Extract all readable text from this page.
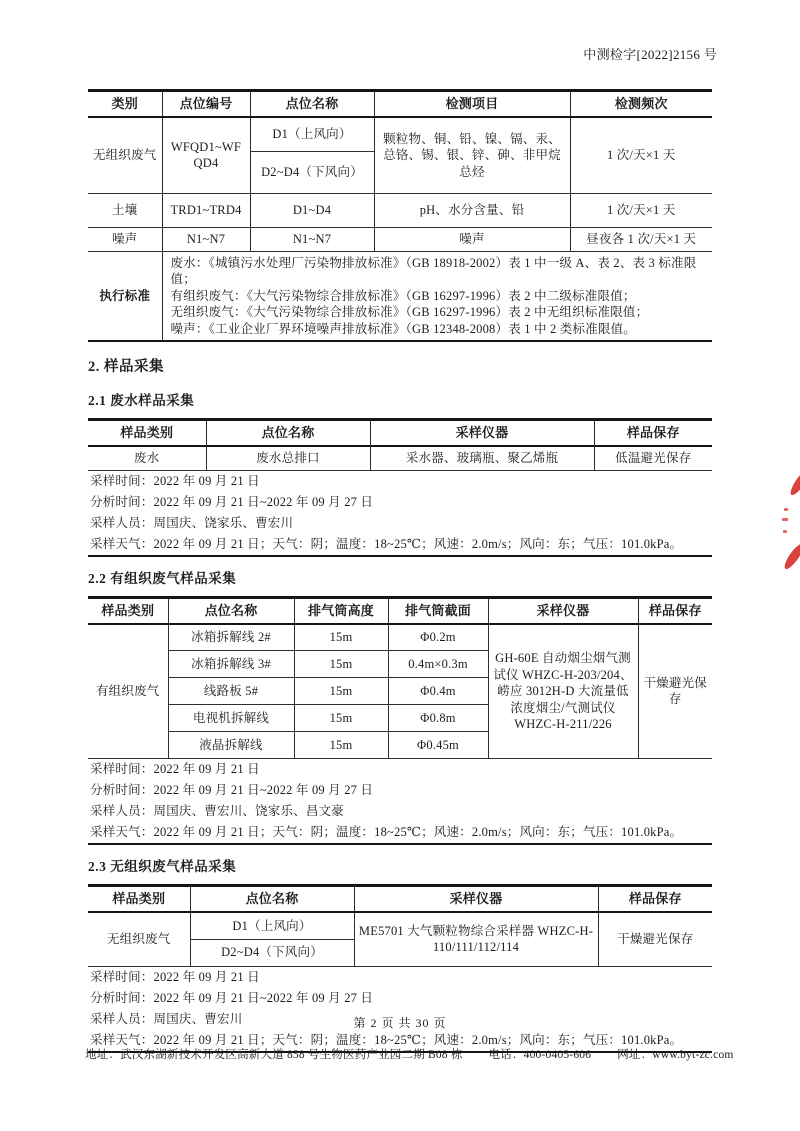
中测检字[2022]2156 号
类别	点位编号	点位名称	检测项目	检测频次
无组织废气	WFQD1~WFQD4	D1（上风向）	颗粒物、铜、铅、镍、镉、汞、总铬、锡、银、锌、砷、非甲烷总烃	1 次/天×1 天
		D2~D4（下风向）		
土壤	TRD1~TRD4	D1~D4	pH、水分含量、铅	1 次/天×1 天
噪声	N1~N7	N1~N7	噪声	昼夜各 1 次/天×1 天
执行标准	废水：《城镇污水处理厂污染物排放标准》（GB 18918-2002）表 1 中一级 A、表 2、表 3 标准限值；
有组织废气：《大气污染物综合排放标准》（GB 16297-1996）表 2 中二级标准限值；
无组织废气：《大气污染物综合排放标准》（GB 16297-1996）表 2 中无组织标准限值；
噪声：《工业企业厂界环境噪声排放标准》（GB 12348-2008）表 1 中 2 类标准限值。			
2. 样品采集
2.1 废水样品采集
样品类别	点位名称	采样仪器	样品保存
废水	废水总排口	采水器、玻璃瓶、聚乙烯瓶	低温避光保存
采样时间：2022 年 09 月 21 日			
分析时间：2022 年 09 月 21 日~2022 年 09 月 27 日			
采样人员：周国庆、饶家乐、曹宏川			
采样天气：2022 年 09 月 21 日；天气：阴；温度：18~25℃；风速：2.0m/s；风向：东；气压：101.0kPa。			
2.2 有组织废气样品采集
样品类别	点位名称	排气筒高度	排气筒截面	采样仪器	样品保存
有组织废气	冰箱拆解线 2#	15m	Φ0.2m	GH-60E 自动烟尘烟气测试仪 WHZC-H-203/204、崂应 3012H-D 大流量低浓度烟尘/气测试仪 WHZC-H-211/226	干燥避光保存
	冰箱拆解线 3#	15m	0.4m×0.3m		
	线路板 5#	15m	Φ0.4m		
	电视机拆解线	15m	Φ0.8m		
	液晶拆解线	15m	Φ0.45m		
采样时间：2022 年 09 月 21 日					
分析时间：2022 年 09 月 21 日~2022 年 09 月 27 日					
采样人员：周国庆、曹宏川、饶家乐、昌文豪					
采样天气：2022 年 09 月 21 日；天气：阴；温度：18~25℃；风速：2.0m/s；风向：东；气压：101.0kPa。					
2.3 无组织废气样品采集
样品类别	点位名称	采样仪器	样品保存
无组织废气	D1（上风向）	ME5701 大气颗粒物综合采样器 WHZC-H-110/111/112/114	干燥避光保存
	D2~D4（下风向）		
采样时间：2022 年 09 月 21 日			
分析时间：2022 年 09 月 21 日~2022 年 09 月 27 日			
采样人员：周国庆、曹宏川			
采样天气：2022 年 09 月 21 日；天气：阴；温度：18~25℃；风速：2.0m/s；风向：东；气压：101.0kPa。			
第 2 页 共 30 页
地址：武汉东湖新技术开发区高新大道 858 号生物医药产业园二期 B08 栋 电话：400-0405-606 网址：www.byt-zc.com
